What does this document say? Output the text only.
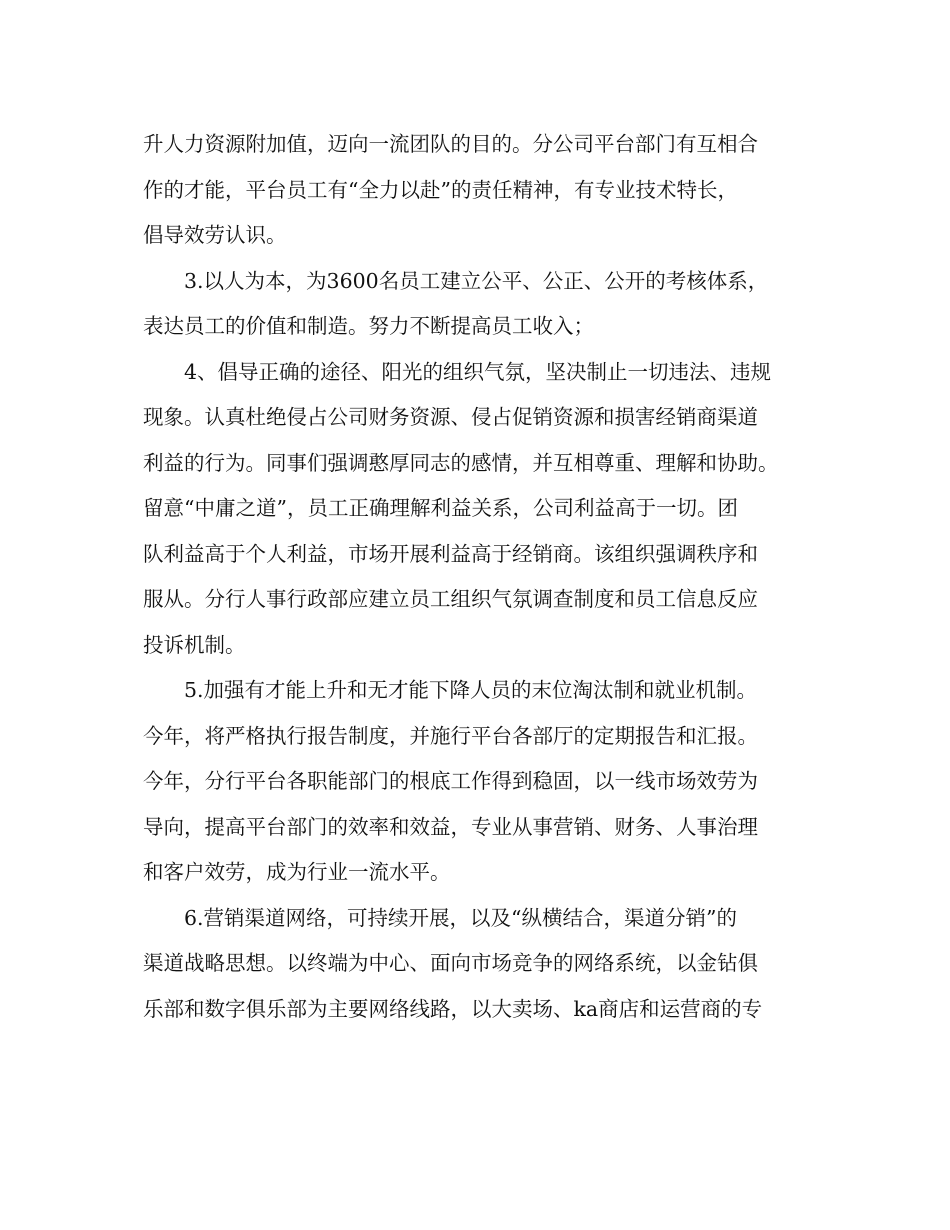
升人力资源附加值，迈向一流团队的目的。分公司平台部门有互相合
作的才能，平台员工有“全力以赴”的责任精神，有专业技术特长，
倡导效劳认识。
3.以人为本，为3600名员工建立公平、公正、公开的考核体系，
表达员工的价值和制造。努力不断提高员工收入；
4、倡导正确的途径、阳光的组织气氛，坚决制止一切违法、违规
现象。认真杜绝侵占公司财务资源、侵占促销资源和损害经销商渠道
利益的行为。同事们强调憨厚同志的感情，并互相尊重、理解和协助。
留意“中庸之道”，员工正确理解利益关系，公司利益高于一切。团
队利益高于个人利益，市场开展利益高于经销商。该组织强调秩序和
服从。分行人事行政部应建立员工组织气氛调查制度和员工信息反应
投诉机制。
5.加强有才能上升和无才能下降人员的末位淘汰制和就业机制。
今年，将严格执行报告制度，并施行平台各部厅的定期报告和汇报。
今年，分行平台各职能部门的根底工作得到稳固，以一线市场效劳为
导向，提高平台部门的效率和效益，专业从事营销、财务、人事治理
和客户效劳，成为行业一流水平。
6.营销渠道网络，可持续开展，以及“纵横结合，渠道分销”的
渠道战略思想。以终端为中心、面向市场竞争的网络系统，以金钻俱
乐部和数字俱乐部为主要网络线路，以大卖场、ka商店和运营商的专
